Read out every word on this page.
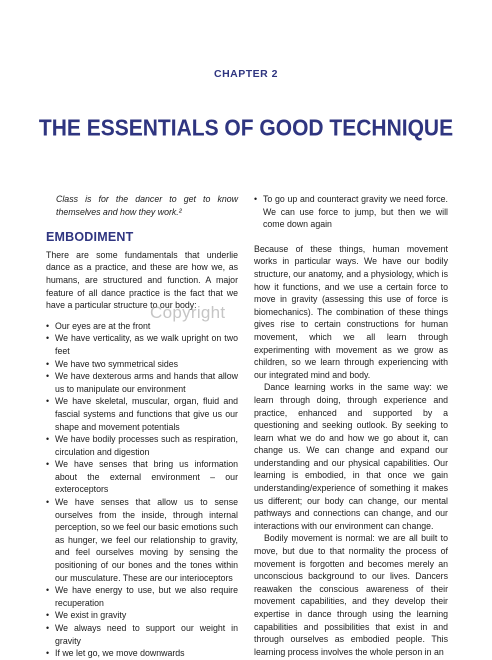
CHAPTER 2
THE ESSENTIALS OF GOOD TECHNIQUE

Class is for the dancer to get to know themselves and how they work.²

EMBODIMENT

There are some fundamentals that underlie dance as a practice, and these are how we, as humans, are structured and function. A major feature of all dance practice is the fact that we have a particular structure to our body:

• Our eyes are at the front
• We have verticality, as we walk upright on two feet
• We have two symmetrical sides
• We have dexterous arms and hands that allow us to manipulate our environment
• We have skeletal, muscular, organ, fluid and fascial systems and functions that give us our shape and movement potentials
• We have bodily processes such as respiration, circulation and digestion
• We have senses that bring us information about the external environment – our exteroceptors
• We have senses that allow us to sense ourselves from the inside, through internal perception, so we feel our basic emotions such as hunger, we feel our relationship to gravity, and feel ourselves moving by sensing the positioning of our bones and the tones within our musculature. These are our interioceptors
• We have energy to use, but we also require recuperation
• We exist in gravity
• We always need to support our weight in gravity
• If we let go, we move downwards
• To go up and counteract gravity we need force. We can use force to jump, but then we will come down again

Because of these things, human movement works in particular ways. We have our bodily structure, our anatomy, and a physiology, which is how it functions, and we use a certain force to move in gravity (assessing this use of force is biomechanics). The combination of these things gives rise to certain constructions for human movement, which we all learn through experimenting with movement as we grow as children, so we learn through experiencing with our integrated mind and body.

Dance learning works in the same way: we learn through doing, through experience and practice, enhanced and supported by a questioning and seeking outlook. By seeking to learn what we do and how we go about it, can change us. We can change and expand our understanding and our physical capabilities. Our learning is embodied, in that once we gain understanding/experience of something it makes us different; our body can change, our mental pathways and connections can change, and our interactions with our environment can change.

Bodily movement is normal: we are all built to move, but due to that normality the process of movement is forgotten and becomes merely an unconscious background to our lives. Dancers reawaken the conscious awareness of their movement capabilities, and they develop their expertise in dance through using the learning capabilities and possibilities that exist in and through ourselves as embodied people. This learning process involves the whole person in an

Copyright
